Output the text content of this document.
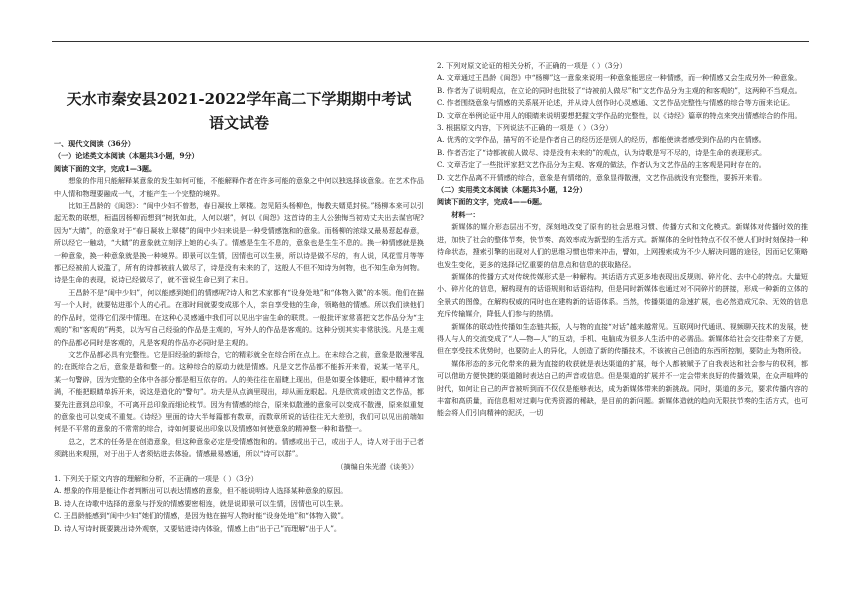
天水市秦安县2021-2022学年高二下学期期中考试
语文试卷

一、现代文阅读（36分）

（一）论述类文本阅读（本题共3小题，9分）

阅读下面的文字，完成1—3题。

想象的作用只能解释某意象的发生如何可能，不能解释作者在许多可能的意象之中何以独选择该意象。在艺术作品中人情和物理要融成一气，才能产生一个完整的境界。

比如王昌龄的《闺怨》：“闺中少妇不曾愁，春日凝妆上翠楼。忽见陌头杨柳色，悔教夫婿觅封侯。”杨柳本来可以引起无数的联想，桓温因杨柳而想到“树犹如此，人何以堪”，何以《闺怨》这首诗的主人公独悔当初劝丈夫出去谋官呢?因为“大睛”，的意象对于“春日凝妆上翠楼”的闺中少妇来说是一种受情感饱和的意象。而杨柳的浓绿又最易惹起春意，所以经它一触动，“大睛”的意象就立刻浮上她的心头了。情感是生生不息的，意象也是生生不息的。换一种情感就是换一种意象，换一种意象就是换一种境界。即景可以生情，因情也可以生景，所以诗是做不尽的，有人说，风花雪月等等都已经被前人说滥了，所有的诗都被前人做尽了，诗是没有未来的了，这般人不但不知诗为何物，也不知生命为何物。诗是生命的表现，说诗已经做尽了，就不啻说生命已到了末日。

王昌龄不是“闺中少妇”，何以能感到她们的情感呢?诗人和艺术家都有“设身处地”和“体物入微”的本领。他们在描写一个人时，就要钻进那个人的心孔。在那时间就要变成那个人，亲自享受他的生命，领略他的情感。所以我们读他们的作品时，觉得它们深中情理。在这种心灵感通中我们可以见出宇宙生命的联贯。一般批评家常喜把文艺作品分为“主观的”和“客观的”两类，以为写自己经验的作品是主观的，写外人的作品是客观的。这种分别其实非常肤浅。凡是主观的作品都必同时是客观的，凡是客观的作品亦必同时是主观的。

文艺作品都必具有完整性。它是旧经验的新综合，它的精彩就全在综合所在点上。在未综合之前，意象是散漫零乱的;在既综合之后，意象是谐和整一的。这种综合的原动力就是情感。凡是文艺作品都不能拆开来看，说某一笔平凡，某一句警辟，因为完整的全体中各部分都是相互依存的。人的美往往在眉睫上现出，但是如要全体健旺，眼中精神才饱满，不能把眼睛单拆开来，说这是造化的“警句”。功夫是从点滴里现出，却从画龙眼起。凡是欣赏或创造文艺作品，都要先注意到总印象，不可离开总印象而细论枝节。因为有情感的综合，原来似散漫的意象可以变成不散漫，原来似重复的意象也可以变成不重复。《诗经》里面的诗大半每篇都有数章，而数章所说的话往往无大差别，我们可以见出前端如何是不平常的意象的不常常的综合，诗如何要说出印象以及情感如何使意象的精神整一种和谐整一。

总之，艺术的任务是在创造意象，但这种意象必定是受情感饱和的。情感或出于己，或出于人，诗人对于出于己者须跳出来观照，对于出于人者须钻进去体验。情感最易感通，所以“诗可以群”。

（摘编自朱光潜《谈美》）

1. 下列关于原文内容的理解和分析，不正确的一项是（ ）（3分）

A. 想象的作用是能让作者判断出可以表达情感的意象，但不能说明诗人选择某种意象的原因。

B. 诗人在诗歌中选择的意象与抒发的情感要密相连，就是说即景可以生情，因情也可以生景。

C. 王昌龄能感到“闺中少妇”她们的情感，是因为他在描写人物时能“设身处地”和“体物入微”。

D. 诗人写诗时既要跳出诗外观察，又要钻进诗内体验，情感上由“出于己”而理解“出于人”。

2. 下列对原文论证的相关分析，不正确的一项是（ ）（3分）

A. 文章通过王昌龄《闺怨》中“杨柳”这一意象来说明一种意象能思应一种情感，而一种情感又会生成另外一种意象。

B. 作者为了说明观点，在立论的同时也批驳了“诗被前人做尽”和“文艺作品分为主观的和客观的”，这两种不当观点。

C. 作者围绕意象与情感的关系展开论述，并从诗人创作时心灵感通、文艺作品完整性与情感的综合等方面来论证。

D. 文章在举例论证中用人的眼睛来说明要想把握文学作品的完整性，以《诗经》篇章的特点来突出情感综合的作用。

3. 根据原文内容，下列说法不正确的一项是（ ）（3分）

A. 优秀的文学作品，描写的不论是作者自己的经历还是别人的经历，都能使读者感受到作品的内在情感。

B. 作者否定了“诗都被前人做尽、诗是没有未来的”的观点，认为诗歌是写不尽的，诗是生命的表现形式。

C. 文章否定了一些批评家把文艺作品分为主观、客观的做法，作者认为文艺作品的主客观是同时存在的。

D. 文艺作品离不开情感的综合，意象是有情绪的，意象显得散漫，文艺作品就没有完整性，要拆开来看。

（二）实用类文本阅读（本题共3小题，12分）

阅读下面的文字，完成4——6题。

材料一：

新媒体的媒介形态层出不穷，深刻地改变了原有的社会思维习惯、传播方式和文化模式。新媒体对传播时效的推进，加快了社会的整体节奏，快节奏、高效率成为新型的生活方式。新媒体的全时性特点不仅不使人们时时刻保持一种待命状态，搜索引擎的出现对人们的思维习惯也带来冲击，譬如，上网搜索成为不少人解决问题的途径，因而记忆策略也发生变化，更多的选择记忆重要的信息点和信息的获取路径。

新媒体的传播方式对传统传媒形式是一种解构。其话语方式更多地表现出反规则、碎片化、去中心的特点。大量短小、碎片化的信息，解构现有的话语规则和话语结构，但是同时新媒体也通过对不同碎片的拼接，形成一种新的立体的全景式的图像，在解构权威的同时也在建构新的话语体系。当然，传播渠道的急速扩展，也必然造成冗杂、无效的信息充斥传输媒介，降低人们参与的热情。

新媒体的联动性传播如生态链共振，人与物的直接“对话”越来越常见。互联网时代通讯、视频聊天技术的发展，使得人与人的交流变成了“人—物—人”的互动，手机、电脑成为很多人生活中的必需品。新媒体给社会交往带来了方便，但在享受技术优势时，也要防止人的异化，人创造了新的传播技术，不该被自己创造的东西所控制，要防止为物所役。

媒体形态的多元化带来的最为直接的收获就是表达渠道的扩展，每个人都被赋予了自我表达和社会参与的权利，都可以借助方便快捷的渠道随时表达自己的声音或信息。但是渠道的扩展并不一定会带来良好的传播效果，在众声喧哗的时代，如何让自己的声音被听到而不仅仅是能够表达，成为新媒体带来的新挑战。同时，渠道的多元，要求传播内容的丰富和高质量，而信息相对过剩与优秀资源的稀缺，是目前的新问题。新媒体造就的趋向无限扶节奏的生活方式，也可能会将人们引向精神的泥沃，一切
